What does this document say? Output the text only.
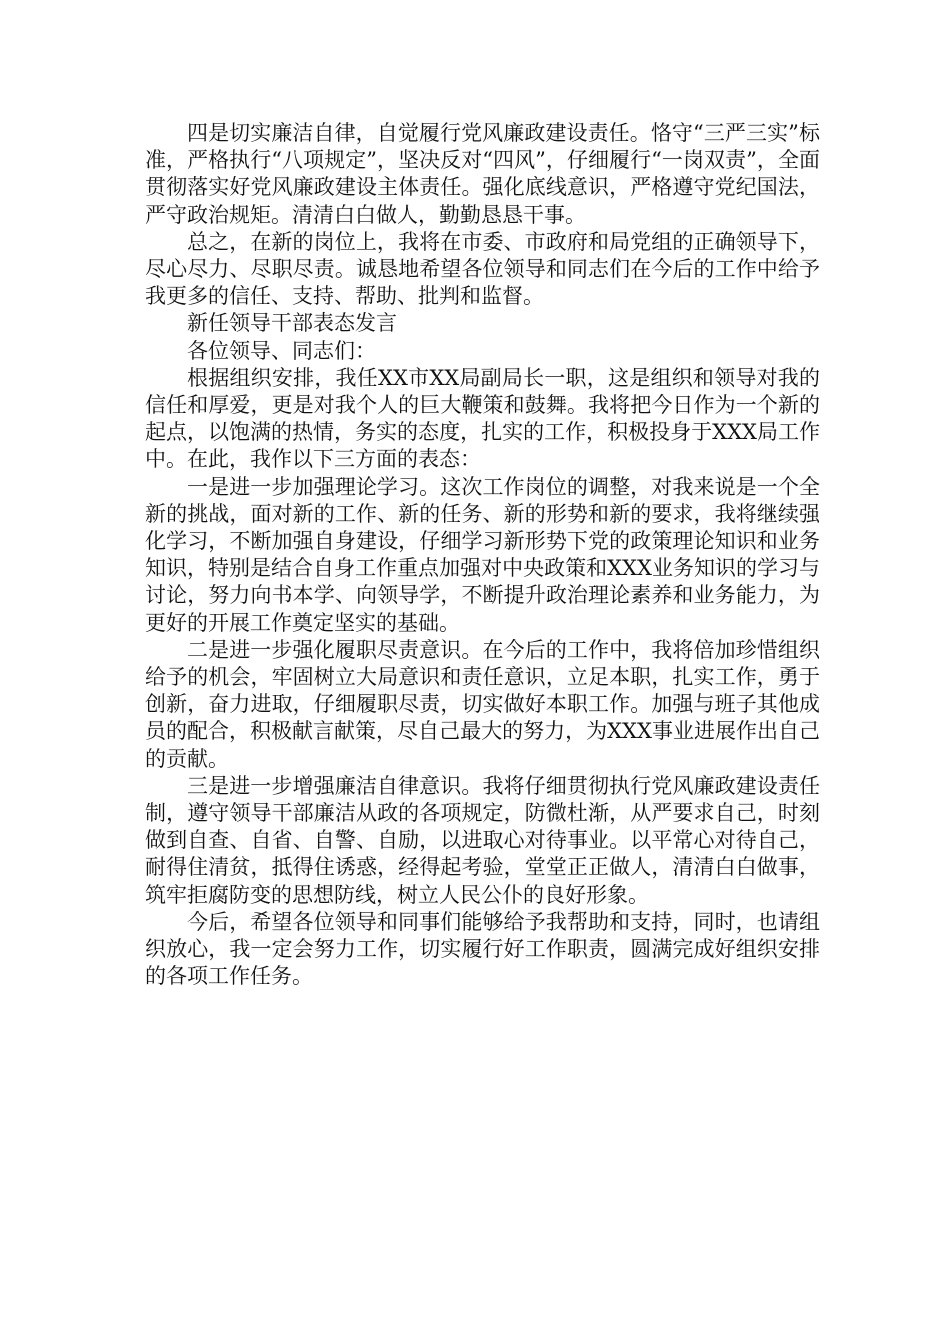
四是切实廉洁自律，自觉履行党风廉政建设责任。恪守“三严三实”标准，严格执行“八项规定”，坚决反对“四风”，仔细履行“一岗双责”，全面贯彻落实好党风廉政建设主体责任。强化底线意识，严格遵守党纪国法，严守政治规矩。清清白白做人，勤勤恳恳干事。

总之，在新的岗位上，我将在市委、市政府和局党组的正确领导下，尽心尽力、尽职尽责。诚恳地希望各位领导和同志们在今后的工作中给予我更多的信任、支持、帮助、批判和监督。

新任领导干部表态发言

各位领导、同志们：

根据组织安排，我任XX市XX局副局长一职，这是组织和领导对我的信任和厚爱，更是对我个人的巨大鞭策和鼓舞。我将把今日作为一个新的起点，以饱满的热情，务实的态度，扎实的工作，积极投身于XXX局工作中。在此，我作以下三方面的表态：

一是进一步加强理论学习。这次工作岗位的调整，对我来说是一个全新的挑战，面对新的工作、新的任务、新的形势和新的要求，我将继续强化学习，不断加强自身建设，仔细学习新形势下党的政策理论知识和业务知识，特别是结合自身工作重点加强对中央政策和XXX业务知识的学习与讨论，努力向书本学、向领导学，不断提升政治理论素养和业务能力，为更好的开展工作奠定坚实的基础。

二是进一步强化履职尽责意识。在今后的工作中，我将倍加珍惜组织给予的机会，牢固树立大局意识和责任意识，立足本职，扎实工作，勇于创新，奋力进取，仔细履职尽责，切实做好本职工作。加强与班子其他成员的配合，积极献言献策，尽自己最大的努力，为XXX事业进展作出自己的贡献。

三是进一步增强廉洁自律意识。我将仔细贯彻执行党风廉政建设责任制，遵守领导干部廉洁从政的各项规定，防微杜渐，从严要求自己，时刻做到自查、自省、自警、自励，以进取心对待事业。以平常心对待自己，耐得住清贫，抵得住诱惑，经得起考验，堂堂正正做人，清清白白做事，筑牢拒腐防变的思想防线，树立人民公仆的良好形象。

今后，希望各位领导和同事们能够给予我帮助和支持，同时，也请组织放心，我一定会努力工作，切实履行好工作职责，圆满完成好组织安排的各项工作任务。
